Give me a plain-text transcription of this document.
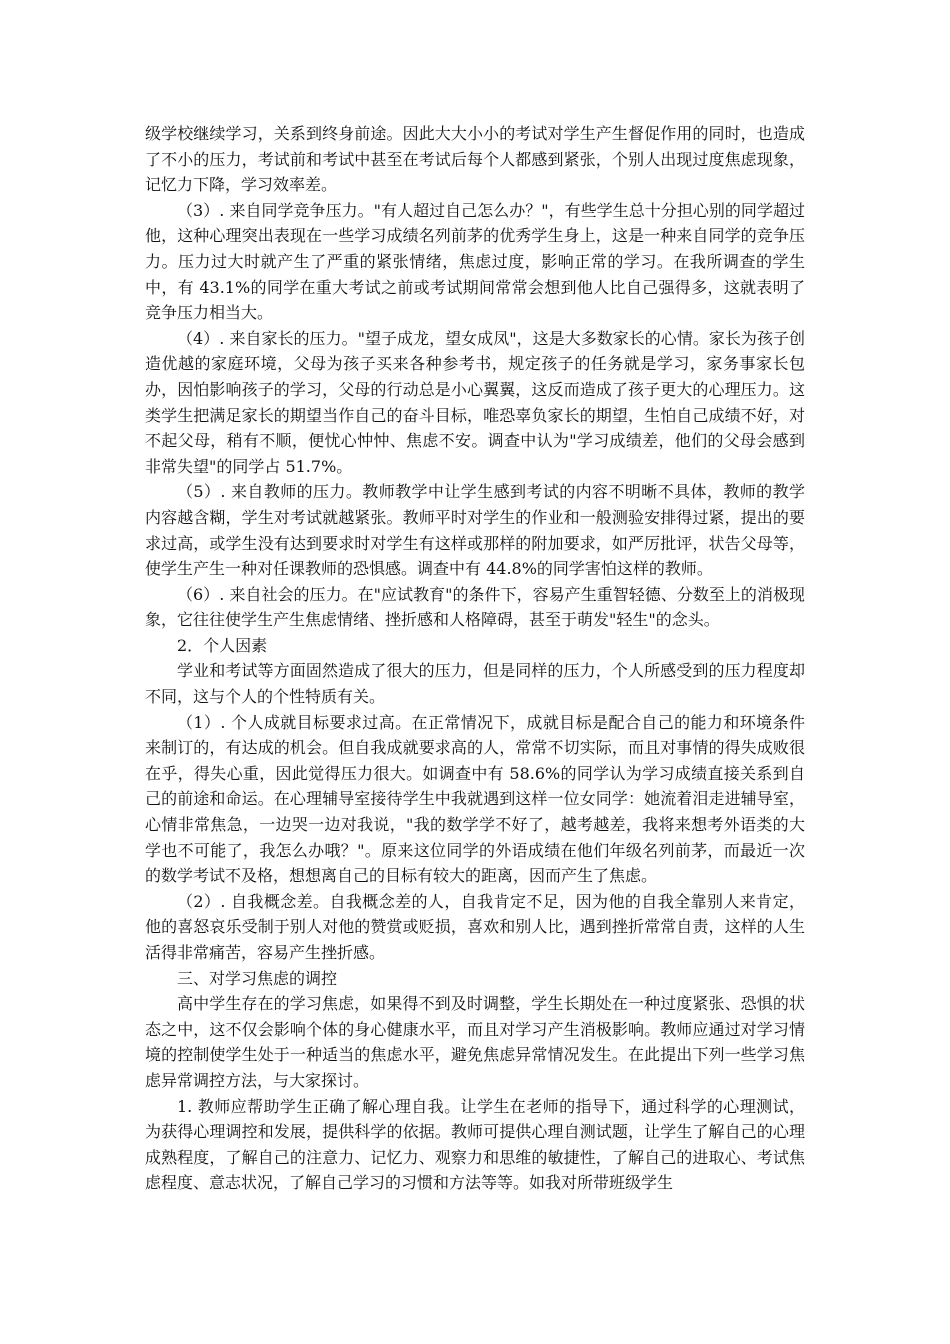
级学校继续学习，关系到终身前途。因此大大小小的考试对学生产生督促作用的同时，也造成了不小的压力，考试前和考试中甚至在考试后每个人都感到紧张，个别人出现过度焦虑现象，记忆力下降，学习效率差。

（3）. 来自同学竞争压力。"有人超过自己怎么办？"，有些学生总十分担心别的同学超过他，这种心理突出表现在一些学习成绩名列前茅的优秀学生身上，这是一种来自同学的竞争压力。压力过大时就产生了严重的紧张情绪，焦虑过度，影响正常的学习。在我所调查的学生中，有 43.1%的同学在重大考试之前或考试期间常常会想到他人比自己强得多，这就表明了竞争压力相当大。

（4）. 来自家长的压力。"望子成龙，望女成凤"，这是大多数家长的心情。家长为孩子创造优越的家庭环境，父母为孩子买来各种参考书，规定孩子的任务就是学习，家务事家长包办，因怕影响孩子的学习，父母的行动总是小心翼翼，这反而造成了孩子更大的心理压力。这类学生把满足家长的期望当作自己的奋斗目标，唯恐辜负家长的期望，生怕自己成绩不好，对不起父母，稍有不顺，便忧心忡忡、焦虑不安。调查中认为"学习成绩差，他们的父母会感到非常失望"的同学占 51.7%。

（5）. 来自教师的压力。教师教学中让学生感到考试的内容不明晰不具体，教师的教学内容越含糊，学生对考试就越紧张。教师平时对学生的作业和一般测验安排得过紧，提出的要求过高，或学生没有达到要求时对学生有这样或那样的附加要求，如严厉批评，状告父母等，使学生产生一种对任课教师的恐惧感。调查中有 44.8%的同学害怕这样的教师。

（6）. 来自社会的压力。在"应试教育"的条件下，容易产生重智轻德、分数至上的消极现象，它往往使学生产生焦虑情绪、挫折感和人格障碍，甚至于萌发"轻生"的念头。

2．个人因素

学业和考试等方面固然造成了很大的压力，但是同样的压力，个人所感受到的压力程度却不同，这与个人的个性特质有关。

（1）. 个人成就目标要求过高。在正常情况下，成就目标是配合自己的能力和环境条件来制订的，有达成的机会。但自我成就要求高的人，常常不切实际，而且对事情的得失成败很在乎，得失心重，因此觉得压力很大。如调查中有 58.6%的同学认为学习成绩直接关系到自己的前途和命运。在心理辅导室接待学生中我就遇到这样一位女同学：她流着泪走进辅导室，心情非常焦急，一边哭一边对我说，"我的数学学不好了，越考越差，我将来想考外语类的大学也不可能了，我怎么办哦？"。原来这位同学的外语成绩在他们年级名列前茅，而最近一次的数学考试不及格，想想离自己的目标有较大的距离，因而产生了焦虑。

（2）. 自我概念差。自我概念差的人，自我肯定不足，因为他的自我全靠别人来肯定，他的喜怒哀乐受制于别人对他的赞赏或贬损，喜欢和别人比，遇到挫折常常自责，这样的人生活得非常痛苦，容易产生挫折感。

三、对学习焦虑的调控

高中学生存在的学习焦虑，如果得不到及时调整，学生长期处在一种过度紧张、恐惧的状态之中，这不仅会影响个体的身心健康水平，而且对学习产生消极影响。教师应通过对学习情境的控制使学生处于一种适当的焦虑水平，避免焦虑异常情况发生。在此提出下列一些学习焦虑异常调控方法，与大家探讨。

1. 教师应帮助学生正确了解心理自我。让学生在老师的指导下，通过科学的心理测试，为获得心理调控和发展，提供科学的依据。教师可提供心理自测试题，让学生了解自己的心理成熟程度，了解自己的注意力、记忆力、观察力和思维的敏捷性，了解自己的进取心、考试焦虑程度、意志状况，了解自己学习的习惯和方法等等。如我对所带班级学生
